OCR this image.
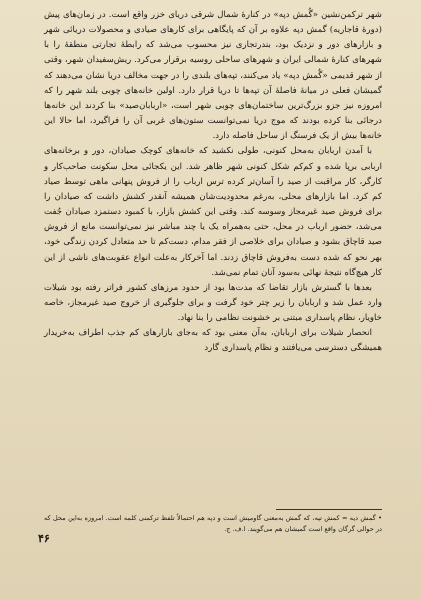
شهر ترکمن‌نشین «گُمش دپه» در کنارهٔ شمال شرقی دریای خزر واقع است. در زمان‌های پیش (دورهٔ قاجاریه) گمش دپه علاوه بر آن که پایگاهی برای کارهای صیادی و محصولات دریائی شهر و بازارهای دور و نزدیک بود، بندرتجاری نیز محسوب می‌شد که رابطهٔ تجارتی منطقهٔ را با شهرهای کنارهٔ شمالی ایران و شهرهای ساحلی روسیه برقرار می‌کرد. ریش‌سفیدان شهر، وقتی از شهر قدیمی «گُمش دپه» یاد می‌کنند، تپه‌های بلندی را در جهت مخالف دریا نشان می‌دهند که گمیشان فعلی در میانهٔ فاصلهٔ آن تپه‌ها تا دریا قرار دارد. اولین خانه‌های چوبی بلند شهر را که امروزه نیز جزو بزرگ‌ترین ساختمان‌های چوبی شهر است، «اربابان‌صید» بنا کردند این خانه‌ها درجائی بنا کرده بودند که موج دریا نمی‌توانست ستون‌های غربی آن را فراگیرد، اما حالا این خانه‌ها بیش از یک فرسنگ از ساحل فاصله دارد.

با آمدن اربابان به‌محل کنونی، طولی نکشید که خانه‌های کوچک صیادان، دور و برخانه‌های اربابی برپا شده و کم‌کم شکل کنونی شهر ظاهر شد. این یکجائی محل سکونت صاحب‌کار و کارگر، کار مراقبت از صید را آسان‌تر کرده ترس ارباب را از فروش پنهانی ماهی توسط صیاد کم کرد. اما بازارهای محلی، به‌رغم محدودیت‌شان همیشه آنقدر کشش داشت که صیادان را برای فروش صید غیرمجاز وسوسه کند. وقتی این کشش بازار، با کمبود دستمزد صیادان جُفت می‌شد، حضور ارباب در محل، حتی به‌همراه یک یا چند مباشر نیز نمی‌توانست مانع از فروش صید قاچاق بشود و صیادان برای خلاصی از فقر مدام، دست‌کم تا حد متعادل کردن زندگی خود، بهر نحو که شده دست به‌فروش قاچاق زدند. اما آخرکار به‌علت انواع عقوبت‌های ناشی از این کار هیچ‌گاه نتیجهٔ نهائی به‌سود آنان تمام نمی‌شد.

بعدها با گسترش بازار تقاضا که مدت‌ها بود از حدود مرزهای کشور فراتر رفته بود شیلات وارد عمل شد و اربابان را زیر چتر خود گرفت و برای جلوگیری از خروج صید غیرمجاز، خاصه خاویار، نظام پاسداری مبتنی بر خشونت نظامی را بنا نهاد.

انحصار شیلات برای اربابان، به‌آن معنی بود که به‌جای بازارهای کم جذب اطراف به‌خریدار همیشگی دسترسی می‌یافتند و نظام پاسداری گارد

• گمش دپه = کمش تپه، که گمش به‌معنی گاومیش است و دپه هم احتمالاً تلفظ ترکمنی کلمه است. امروزه به‌این محل که در حوالی گرگان واقع است گمیشان هم می‌گویند. ا.ف. ج.
۴۶
